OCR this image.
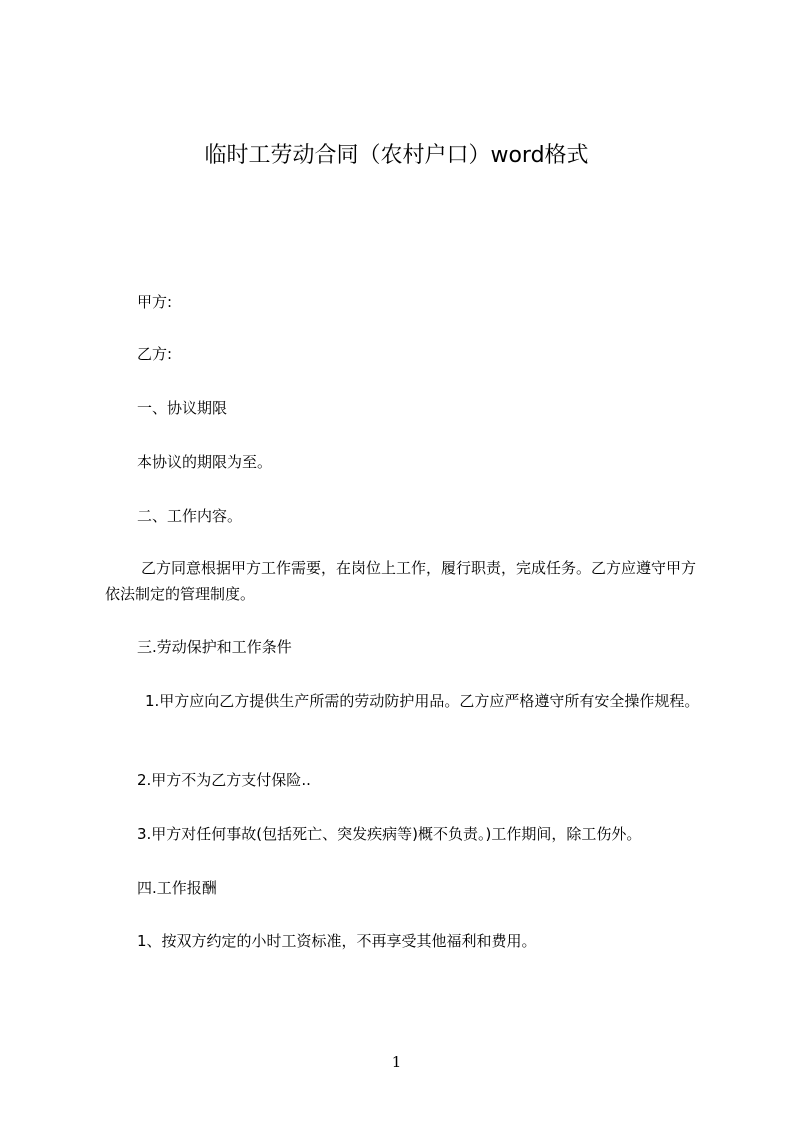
临时工劳动合同（农村户口）word格式
甲方:
乙方:
一、协议期限
本协议的期限为至。
二、工作内容。
乙方同意根据甲方工作需要，在岗位上工作，履行职责，完成任务。乙方应遵守甲方依法制定的管理制度。
三.劳动保护和工作条件
1.甲方应向乙方提供生产所需的劳动防护用品。乙方应严格遵守所有安全操作规程。
2.甲方不为乙方支付保险..
3.甲方对任何事故(包括死亡、突发疾病等)概不负责。)工作期间，除工伤外。
四.工作报酬
1、按双方约定的小时工资标准，不再享受其他福利和费用。
1
